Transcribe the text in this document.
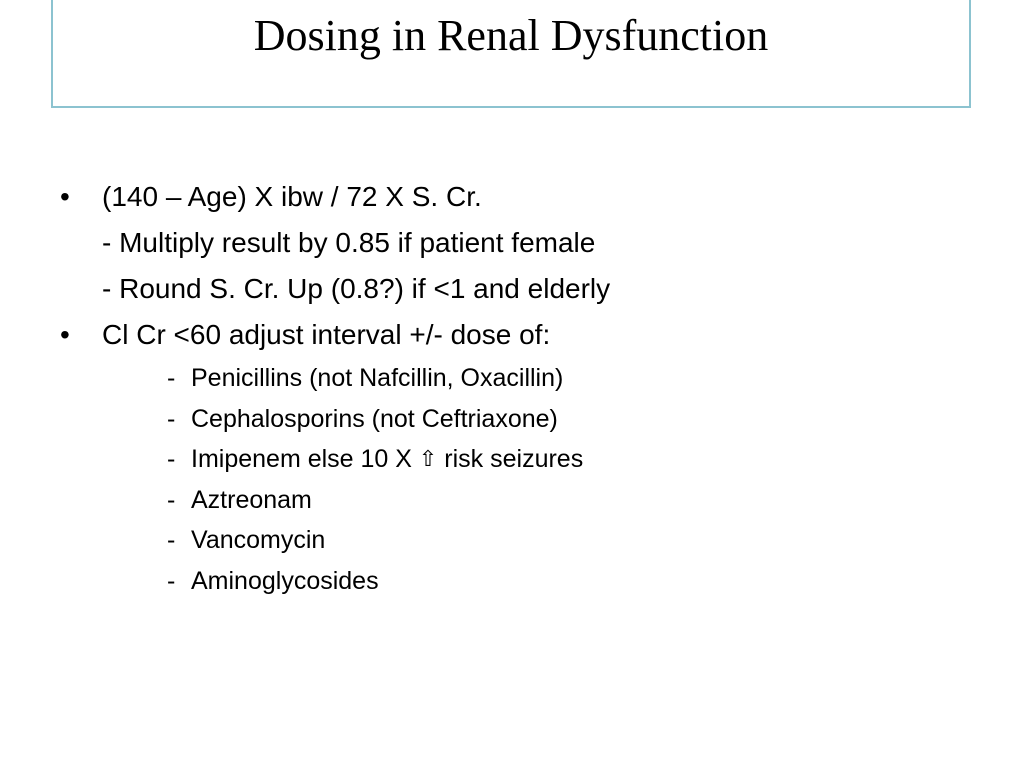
Dosing in Renal Dysfunction
•	(140 – Age) X ibw / 72 X S. Cr.
- Multiply result by 0.85 if patient female
- Round S. Cr. Up (0.8?) if <1 and elderly
•	Cl Cr <60 adjust interval +/- dose of:
- Penicillins (not Nafcillin, Oxacillin)
- Cephalosporins (not Ceftriaxone)
- Imipenem else 10 X ⇧ risk seizures
- Aztreonam
- Vancomycin
- Aminoglycosides
